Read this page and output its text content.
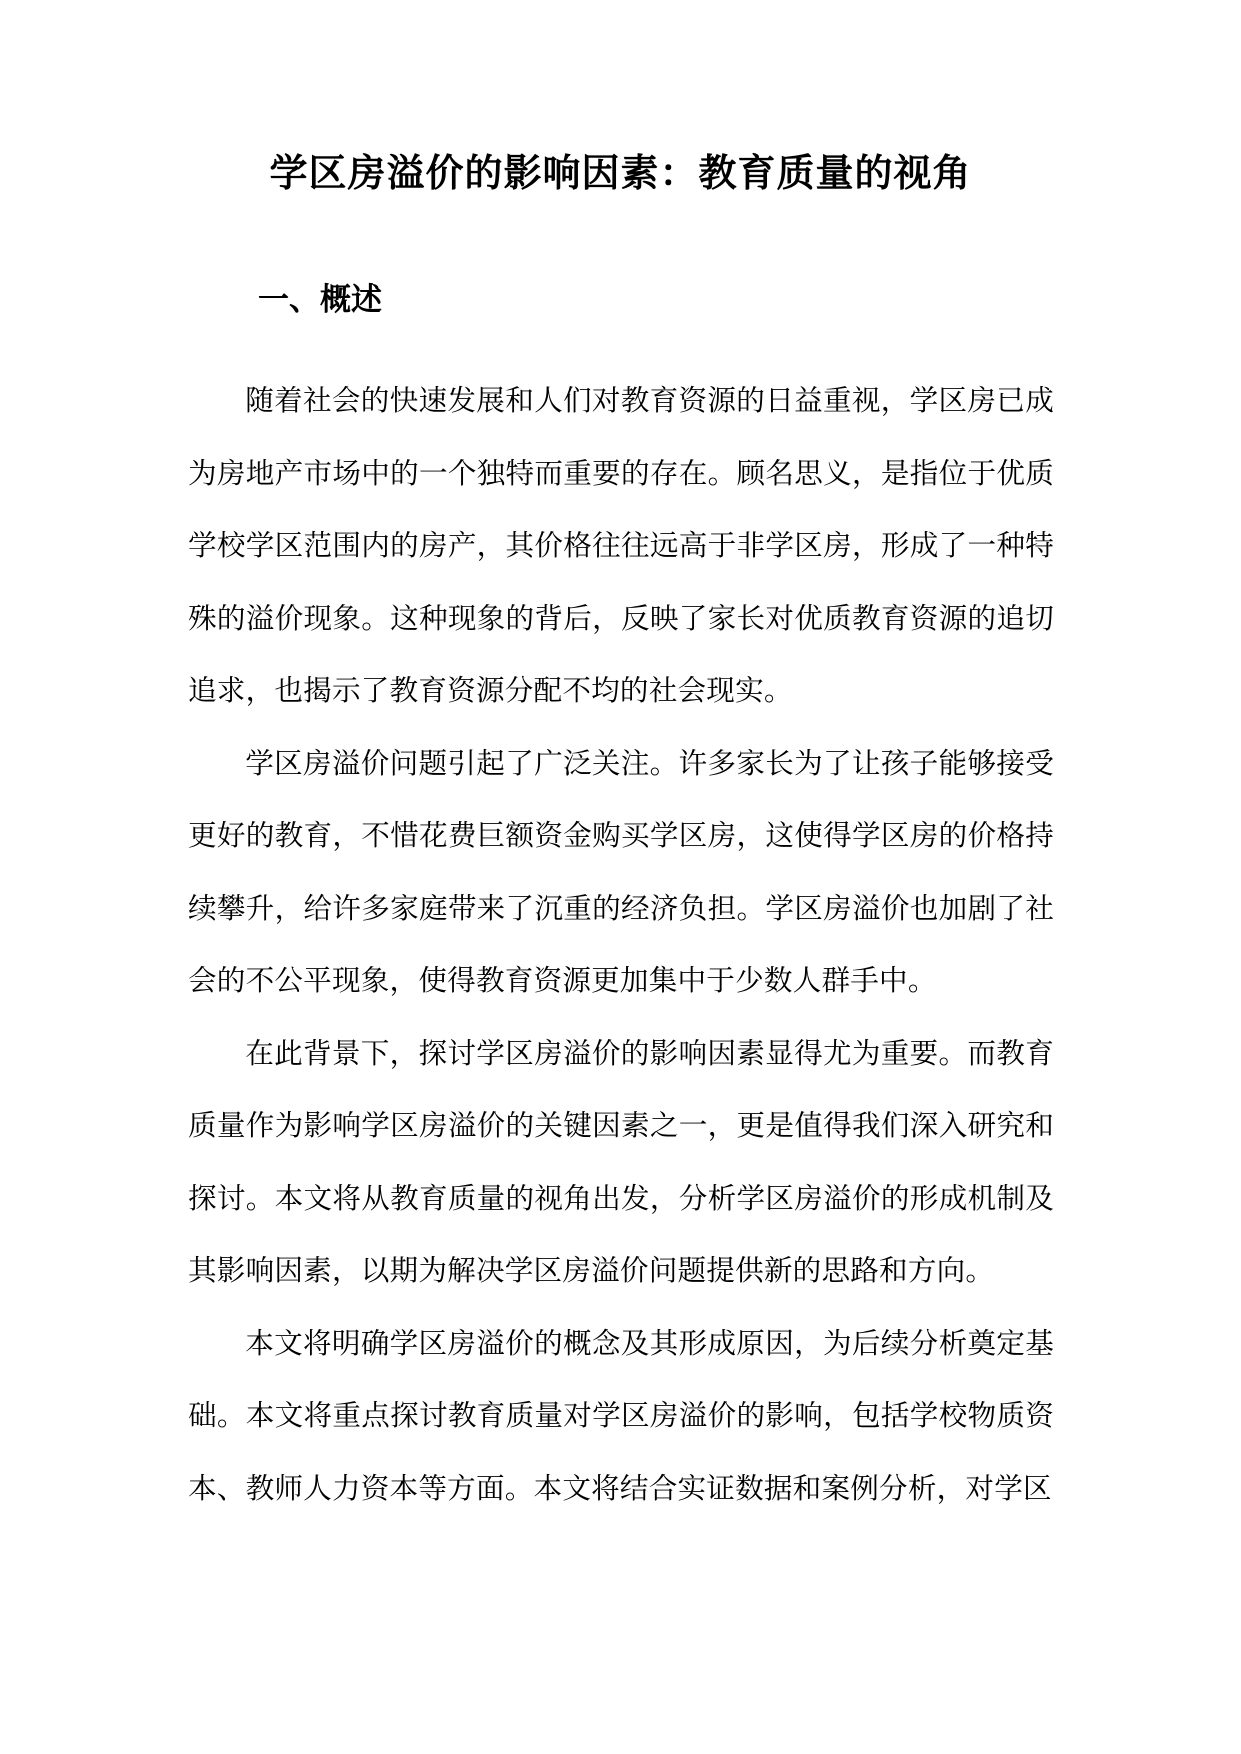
学区房溢价的影响因素：教育质量的视角
一、概述

随着社会的快速发展和人们对教育资源的日益重视，学区房已成为房地产市场中的一个独特而重要的存在。顾名思义，是指位于优质学校学区范围内的房产，其价格往往远高于非学区房，形成了一种特殊的溢价现象。这种现象的背后，反映了家长对优质教育资源的追切追求，也揭示了教育资源分配不均的社会现实。

学区房溢价问题引起了广泛关注。许多家长为了让孩子能够接受更好的教育，不惜花费巨额资金购买学区房，这使得学区房的价格持续攀升，给许多家庭带来了沉重的经济负担。学区房溢价也加剧了社会的不公平现象，使得教育资源更加集中于少数人群手中。

在此背景下，探讨学区房溢价的影响因素显得尤为重要。而教育质量作为影响学区房溢价的关键因素之一，更是值得我们深入研究和探讨。本文将从教育质量的视角出发，分析学区房溢价的形成机制及其影响因素，以期为解决学区房溢价问题提供新的思路和方向。

本文将明确学区房溢价的概念及其形成原因，为后续分析奠定基础。本文将重点探讨教育质量对学区房溢价的影响，包括学校物质资本、教师人力资本等方面。本文将结合实证数据和案例分析，对学区
